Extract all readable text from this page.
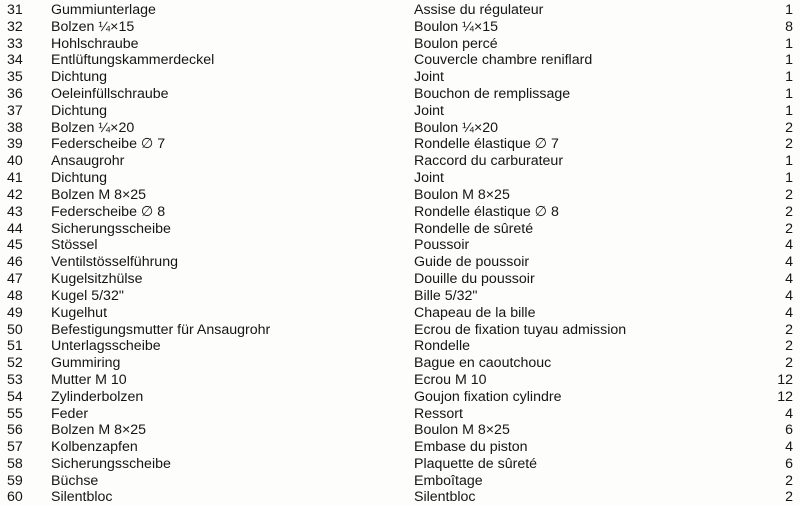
31	Gummiunterlage	Assise du régulateur	1
32	Bolzen ¼×15	Boulon ¼×15	8
33	Hohlschraube	Boulon percé	1
34	Entlüftungskammerdeckel	Couvercle chambre reniflard	1
35	Dichtung	Joint	1
36	Oeleinfüllschraube	Bouchon de remplissage	1
37	Dichtung	Joint	1
38	Bolzen ¼×20	Boulon ¼×20	2
39	Federscheibe ∅ 7	Rondelle élastique ∅ 7	2
40	Ansaugrohr	Raccord du carburateur	1
41	Dichtung	Joint	1
42	Bolzen M 8×25	Boulon M 8×25	2
43	Federscheibe ∅ 8	Rondelle élastique ∅ 8	2
44	Sicherungsscheibe	Rondelle de sûreté	2
45	Stössel	Poussoir	4
46	Ventilstösselführung	Guide de poussoir	4
47	Kugelsitzhülse	Douille du poussoir	4
48	Kugel 5/32"	Bille 5/32"	4
49	Kugelhut	Chapeau de la bille	4
50	Befestigungsmutter für Ansaugrohr	Ecrou de fixation tuyau admission	2
51	Unterlagsscheibe	Rondelle	2
52	Gummiring	Bague en caoutchouc	2
53	Mutter M 10	Ecrou M 10	12
54	Zylinderbolzen	Goujon fixation cylindre	12
55	Feder	Ressort	4
56	Bolzen M 8×25	Boulon M 8×25	6
57	Kolbenzapfen	Embase du piston	4
58	Sicherungsscheibe	Plaquette de sûreté	6
59	Büchse	Emboîtage	2
60	Silentbloc	Silentbloc	2
